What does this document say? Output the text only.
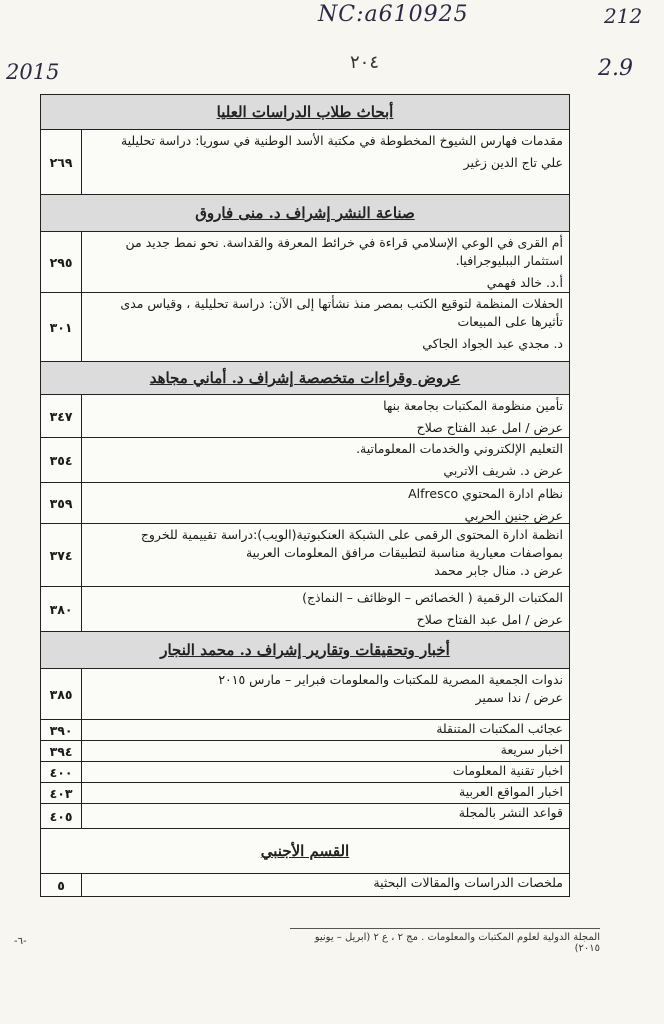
NC:a610925	212
2015	2.9
٢٠٤
أبحاث طلاب الدراسات العليا
مقدمات فهارس الشيوخ المخطوطة في مكتبة الأسد الوطنية في سوريا: دراسة تحليلية
علي تاج الدين زغير
٢٦٩
صناعة النشر إشراف د. منى فاروق
أم القرى في الوعي الإسلامي قراءة في خرائط المعرفة والقداسة. نحو نمط جديد من استثمار الببليوجرافيا.
أ.د. خالد فهمي
٢٩٥
الحفلات المنظمة لتوقيع الكتب بمصر منذ نشأتها إلى الآن: دراسة تحليلية ، وقياس مدى تأثيرها على المبيعات
د. مجدي عبد الجواد الجاكي
٣٠١
عروض وقراءات متخصصة إشراف د. أماني مجاهد
تأمين منظومة المكتبات بجامعة بنها
عرض / امل عبد الفتاح صلاح
٣٤٧
التعليم الإلكتروني والخدمات المعلوماتية.
عرض د. شريف الاتربي
٣٥٤
نظام ادارة المحتوي Alfresco
عرض جنين الحربي
٣٥٩
انظمة ادارة المحتوى الرقمى على الشبكة العنكبوتية(الويب):دراسة تقييمية للخروج بمواصفات معيارية مناسبة لتطبيقات مرافق المعلومات العربية
عرض د. منال جابر محمد
٣٧٤
المكتبات الرقمية ( الخصائص – الوظائف – النماذج)
عرض / امل عبد الفتاح صلاح
٣٨٠
أخبار وتحقيقات وتقارير إشراف د. محمد النجار
ندوات الجمعية المصرية للمكتبات والمعلومات فبراير – مارس ٢٠١٥
عرض / ندا سمير
٣٨٥
عجائب المكتبات المتنقلة
٣٩٠
اخبار سريعة
٣٩٤
اخبار تقنية المعلومات
٤٠٠
اخبار المواقع العربية
٤٠٣
قواعد النشر بالمجلة
٤٠٥
القسم الأجنبي
ملخصات الدراسات والمقالات البحثية
٥
المجلة الدولية لعلوم المكتبات والمعلومات . مج ٢ ، ع ٢ (ابريل – يونيو ٢٠١٥)
-٦-
